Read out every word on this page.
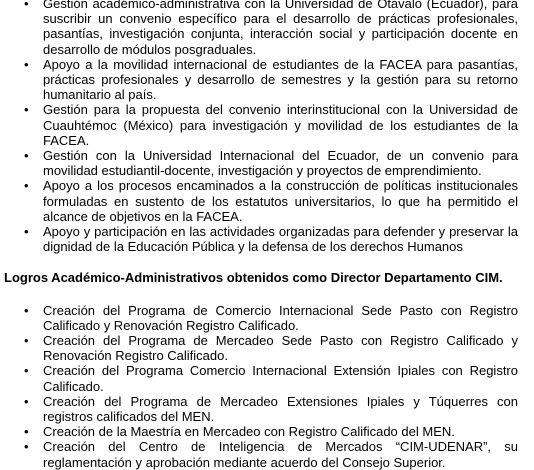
• Gestión académico-administrativa con la Universidad de Otavalo (Ecuador), para suscribir un convenio específico para el desarrollo de prácticas profesionales, pasantías, investigación conjunta, interacción social y participación docente en desarrollo de módulos posgraduales.
• Apoyo a la movilidad internacional de estudiantes de la FACEA para pasantías, prácticas profesionales y desarrollo de semestres y la gestión para su retorno humanitario al país.
• Gestión para la propuesta del convenio interinstitucional con la Universidad de Cuauhtémoc (México) para investigación y movilidad de los estudiantes de la FACEA.
• Gestión con la Universidad Internacional del Ecuador, de un convenio para movilidad estudiantil-docente, investigación y proyectos de emprendimiento.
• Apoyo a los procesos encaminados a la construcción de políticas institucionales formuladas en sustento de los estatutos universitarios, lo que ha permitido el alcance de objetivos en la FACEA.
• Apoyo y participación en las actividades organizadas para defender y preservar la dignidad de la Educación Pública y la defensa de los derechos Humanos
Logros Académico-Administrativos obtenidos como Director Departamento CIM.
• Creación del Programa de Comercio Internacional Sede Pasto con Registro Calificado y Renovación Registro Calificado.
• Creación del Programa de Mercadeo Sede Pasto con Registro Calificado y Renovación Registro Calificado.
• Creación del Programa Comercio Internacional Extensión Ipiales con Registro Calificado.
• Creación del Programa de Mercadeo Extensiones Ipiales y Túquerres con registros calificados del MEN.
• Creación de la Maestría en Mercadeo con Registro Calificado del MEN.
• Creación del Centro de Inteligencia de Mercados “CIM-UDENAR”, su reglamentación y aprobación mediante acuerdo del Consejo Superior.
